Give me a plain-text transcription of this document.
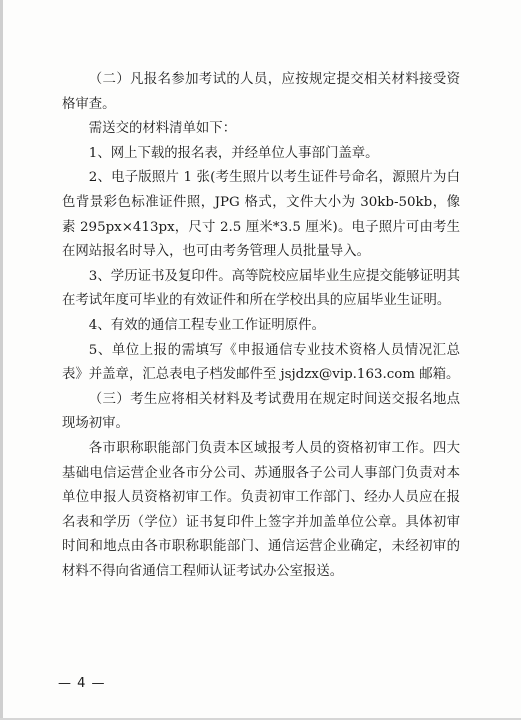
（二）凡报名参加考试的人员，应按规定提交相关材料接受资格审查。

需送交的材料清单如下：

1、网上下载的报名表，并经单位人事部门盖章。

2、电子版照片 1 张(考生照片以考生证件号命名，源照片为白色背景彩色标准证件照，JPG 格式，文件大小为 30kb-50kb，像素 295px×413px，尺寸 2.5 厘米*3.5 厘米)。电子照片可由考生在网站报名时导入，也可由考务管理人员批量导入。

3、学历证书及复印件。高等院校应届毕业生应提交能够证明其在考试年度可毕业的有效证件和所在学校出具的应届毕业生证明。

4、有效的通信工程专业工作证明原件。

5、单位上报的需填写《申报通信专业技术资格人员情况汇总表》并盖章，汇总表电子档发邮件至 jsjdzx@vip.163.com 邮箱。

（三）考生应将相关材料及考试费用在规定时间送交报名地点现场初审。

各市职称职能部门负责本区域报考人员的资格初审工作。四大基础电信运营企业各市分公司、苏通服各子公司人事部门负责对本单位申报人员资格初审工作。负责初审工作部门、经办人员应在报名表和学历（学位）证书复印件上签字并加盖单位公章。具体初审时间和地点由各市职称职能部门、通信运营企业确定，未经初审的材料不得向省通信工程师认证考试办公室报送。

— 4 —
